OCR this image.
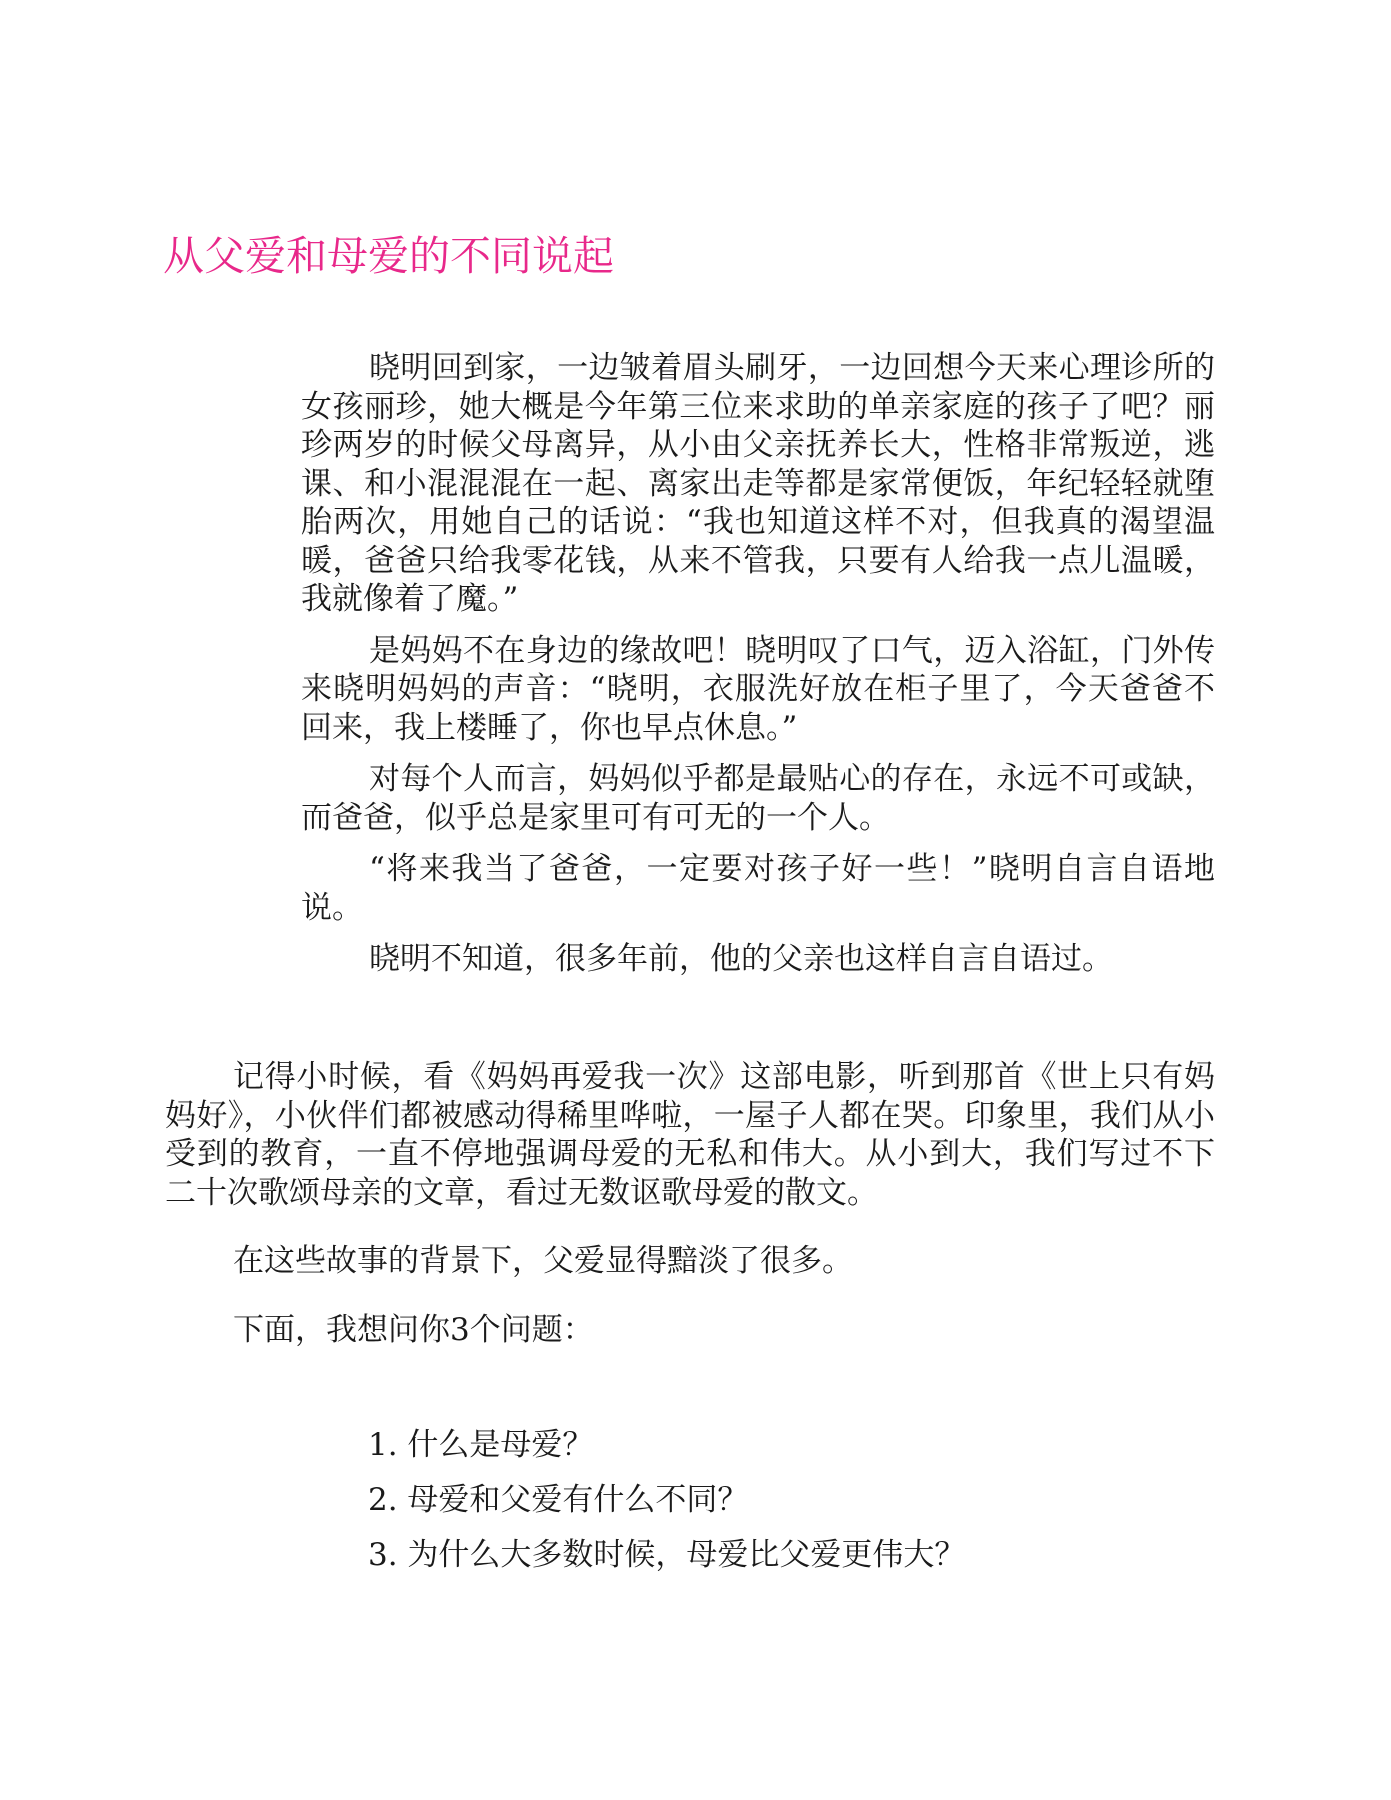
从父爱和母爱的不同说起

晓明回到家，一边皱着眉头刷牙，一边回想今天来心理诊所的女孩丽珍，她大概是今年第三位来求助的单亲家庭的孩子了吧？丽珍两岁的时候父母离异，从小由父亲抚养长大，性格非常叛逆，逃课、和小混混混在一起、离家出走等都是家常便饭，年纪轻轻就堕胎两次，用她自己的话说：“我也知道这样不对，但我真的渴望温暖，爸爸只给我零花钱，从来不管我，只要有人给我一点儿温暖，我就像着了魔。”

是妈妈不在身边的缘故吧！晓明叹了口气，迈入浴缸，门外传来晓明妈妈的声音：“晓明，衣服洗好放在柜子里了，今天爸爸不回来，我上楼睡了，你也早点休息。”

对每个人而言，妈妈似乎都是最贴心的存在，永远不可或缺，而爸爸，似乎总是家里可有可无的一个人。

“将来我当了爸爸，一定要对孩子好一些！”晓明自言自语地说。

晓明不知道，很多年前，他的父亲也这样自言自语过。

记得小时候，看《妈妈再爱我一次》这部电影，听到那首《世上只有妈妈好》，小伙伴们都被感动得稀里哗啦，一屋子人都在哭。印象里，我们从小受到的教育，一直不停地强调母爱的无私和伟大。从小到大，我们写过不下二十次歌颂母亲的文章，看过无数讴歌母爱的散文。

在这些故事的背景下，父爱显得黯淡了很多。

下面，我想问你3个问题：

1. 什么是母爱？
2. 母爱和父爱有什么不同？
3. 为什么大多数时候，母爱比父爱更伟大？
